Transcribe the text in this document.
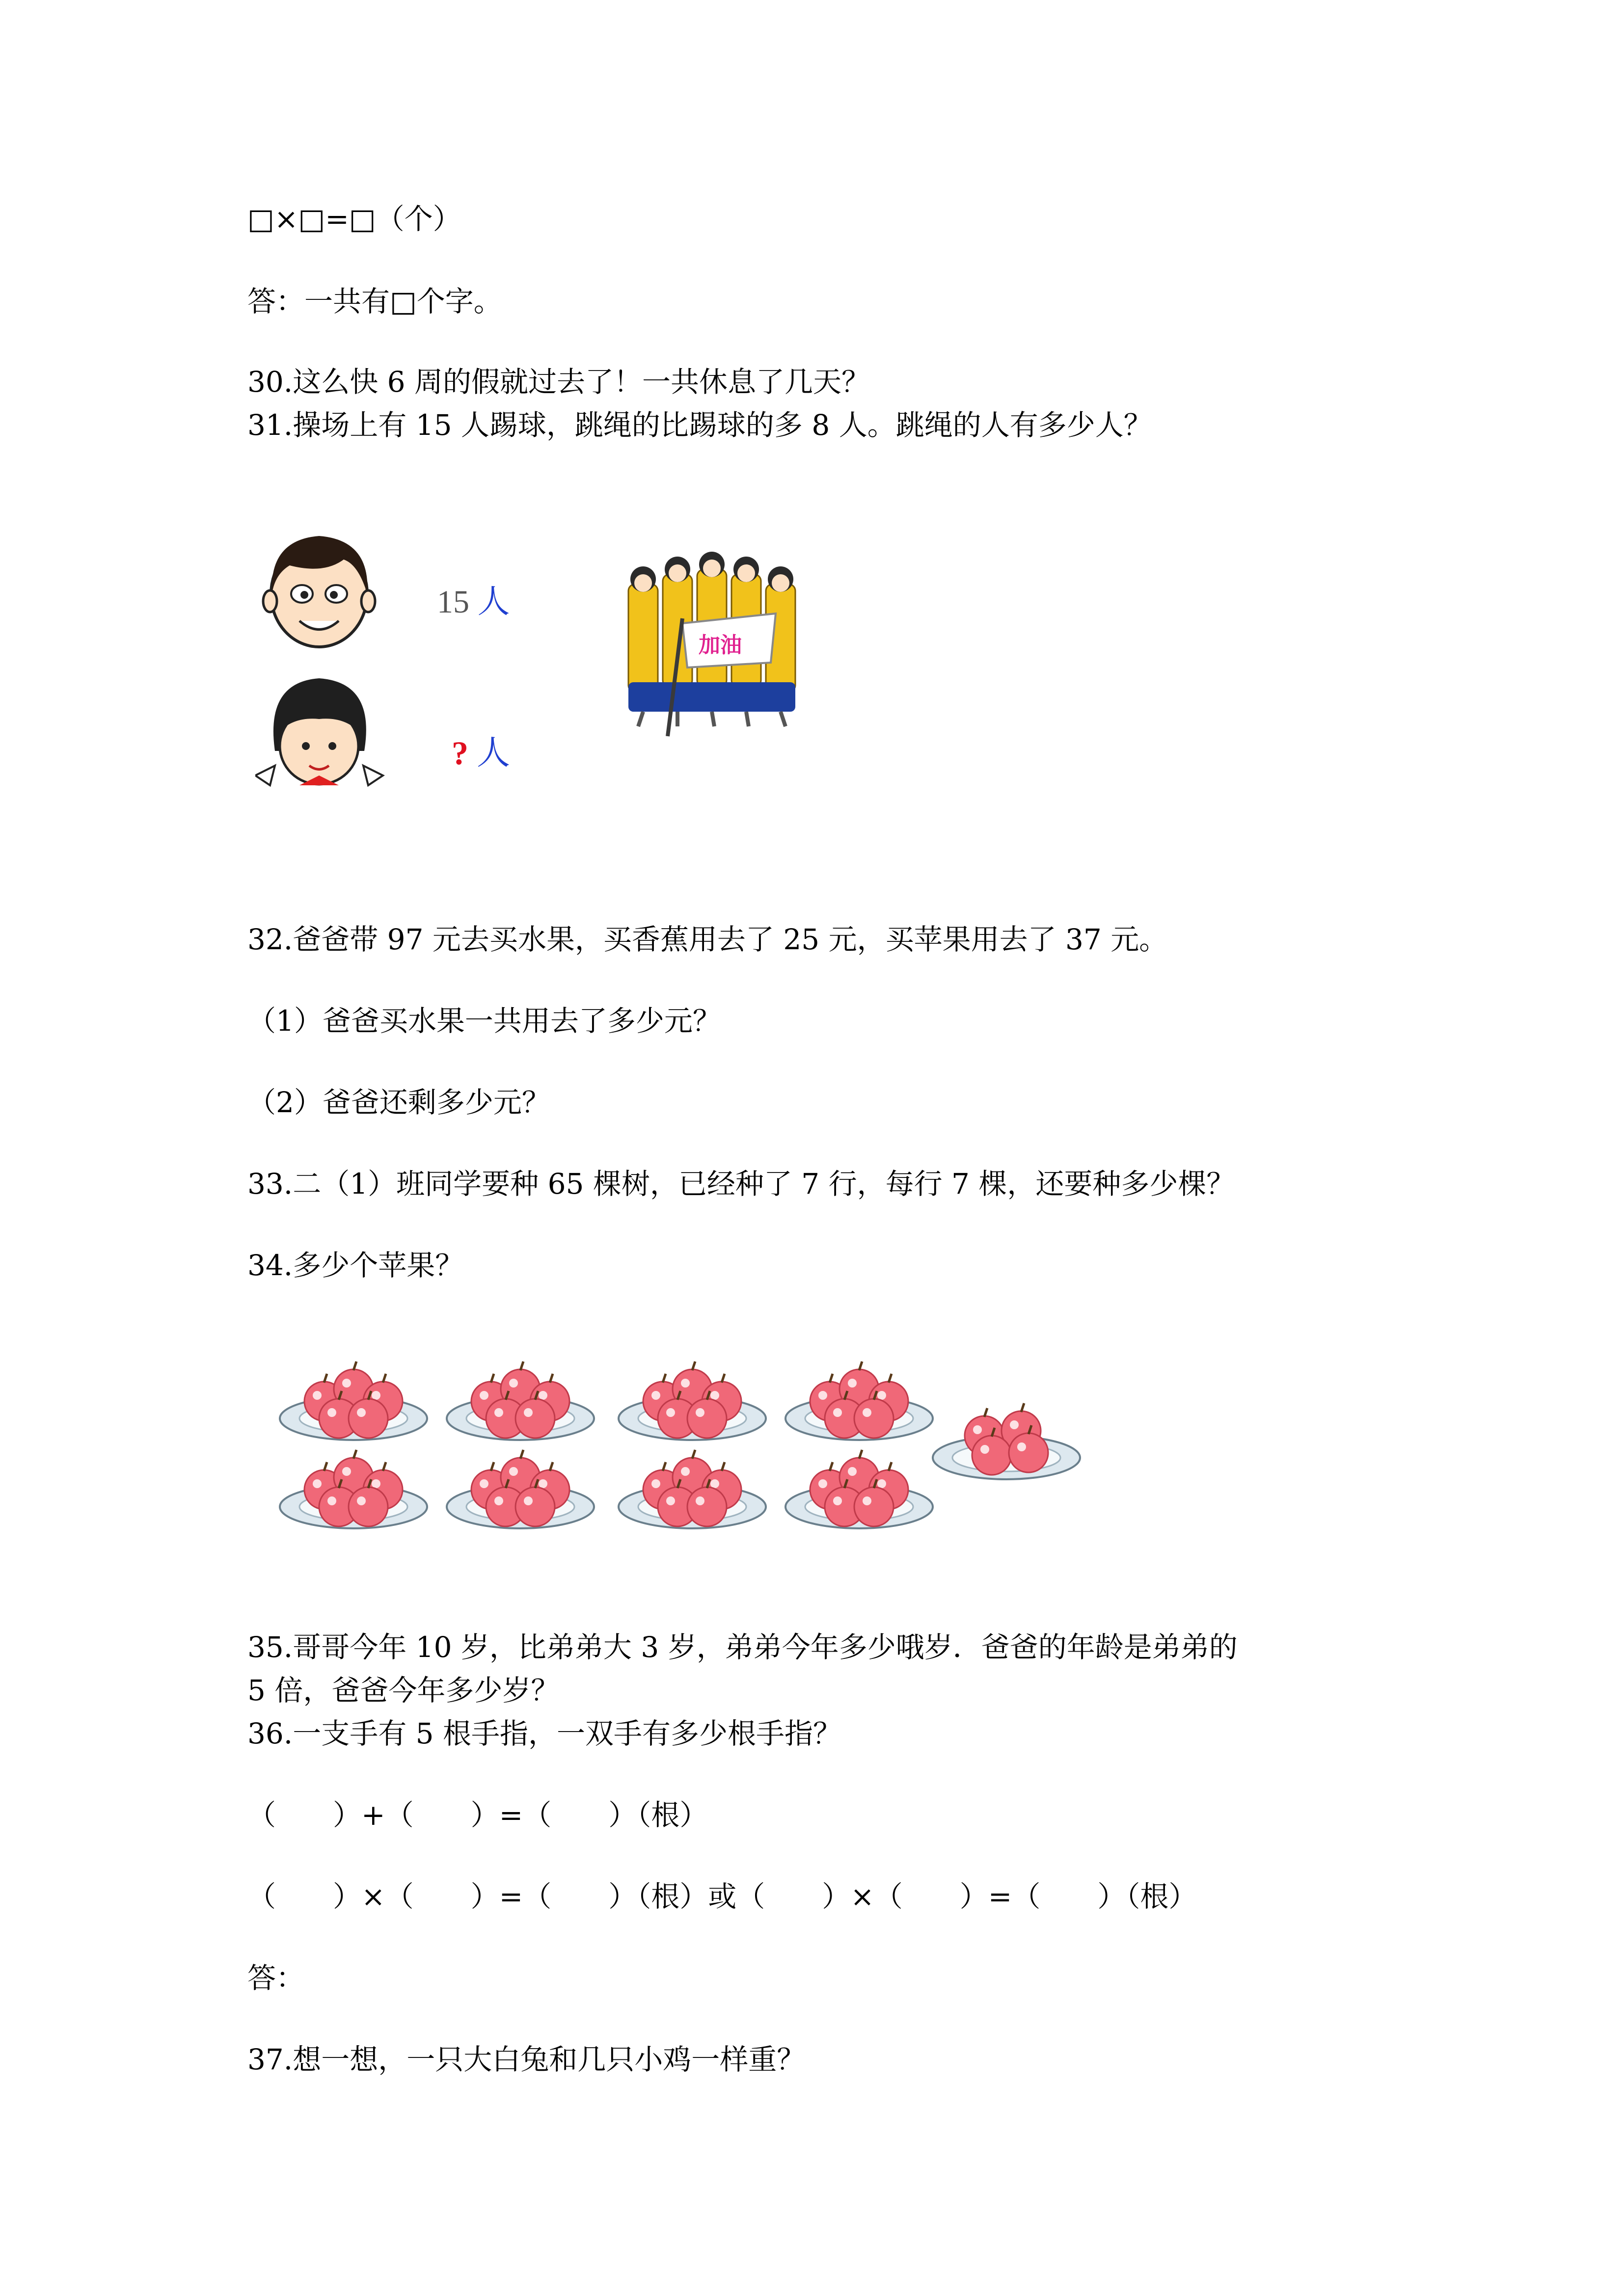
□×□=□（个）
答：一共有□个字。
30.这么快 6 周的假就过去了！一共休息了几天？
31.操场上有 15 人踢球，跳绳的比踢球的多 8 人。跳绳的人有多少人？
15 人
? 人
加油
32.爸爸带 97 元去买水果，买香蕉用去了 25 元，买苹果用去了 37 元。
（1）爸爸买水果一共用去了多少元？
（2）爸爸还剩多少元？
33.二（1）班同学要种 65 棵树，已经种了 7 行，每行 7 棵，还要种多少棵？
34.多少个苹果？
35.哥哥今年 10 岁，比弟弟大 3 岁，弟弟今年多少哦岁．爸爸的年龄是弟弟的
5 倍，爸爸今年多少岁？
36.一支手有 5 根手指，一双手有多少根手指？
（　　）+（　　）=（　　）（根）
（　　）×（　　）=（　　）（根）或（　　）×（　　）=（　　）（根）
答：
37.想一想，一只大白兔和几只小鸡一样重？
